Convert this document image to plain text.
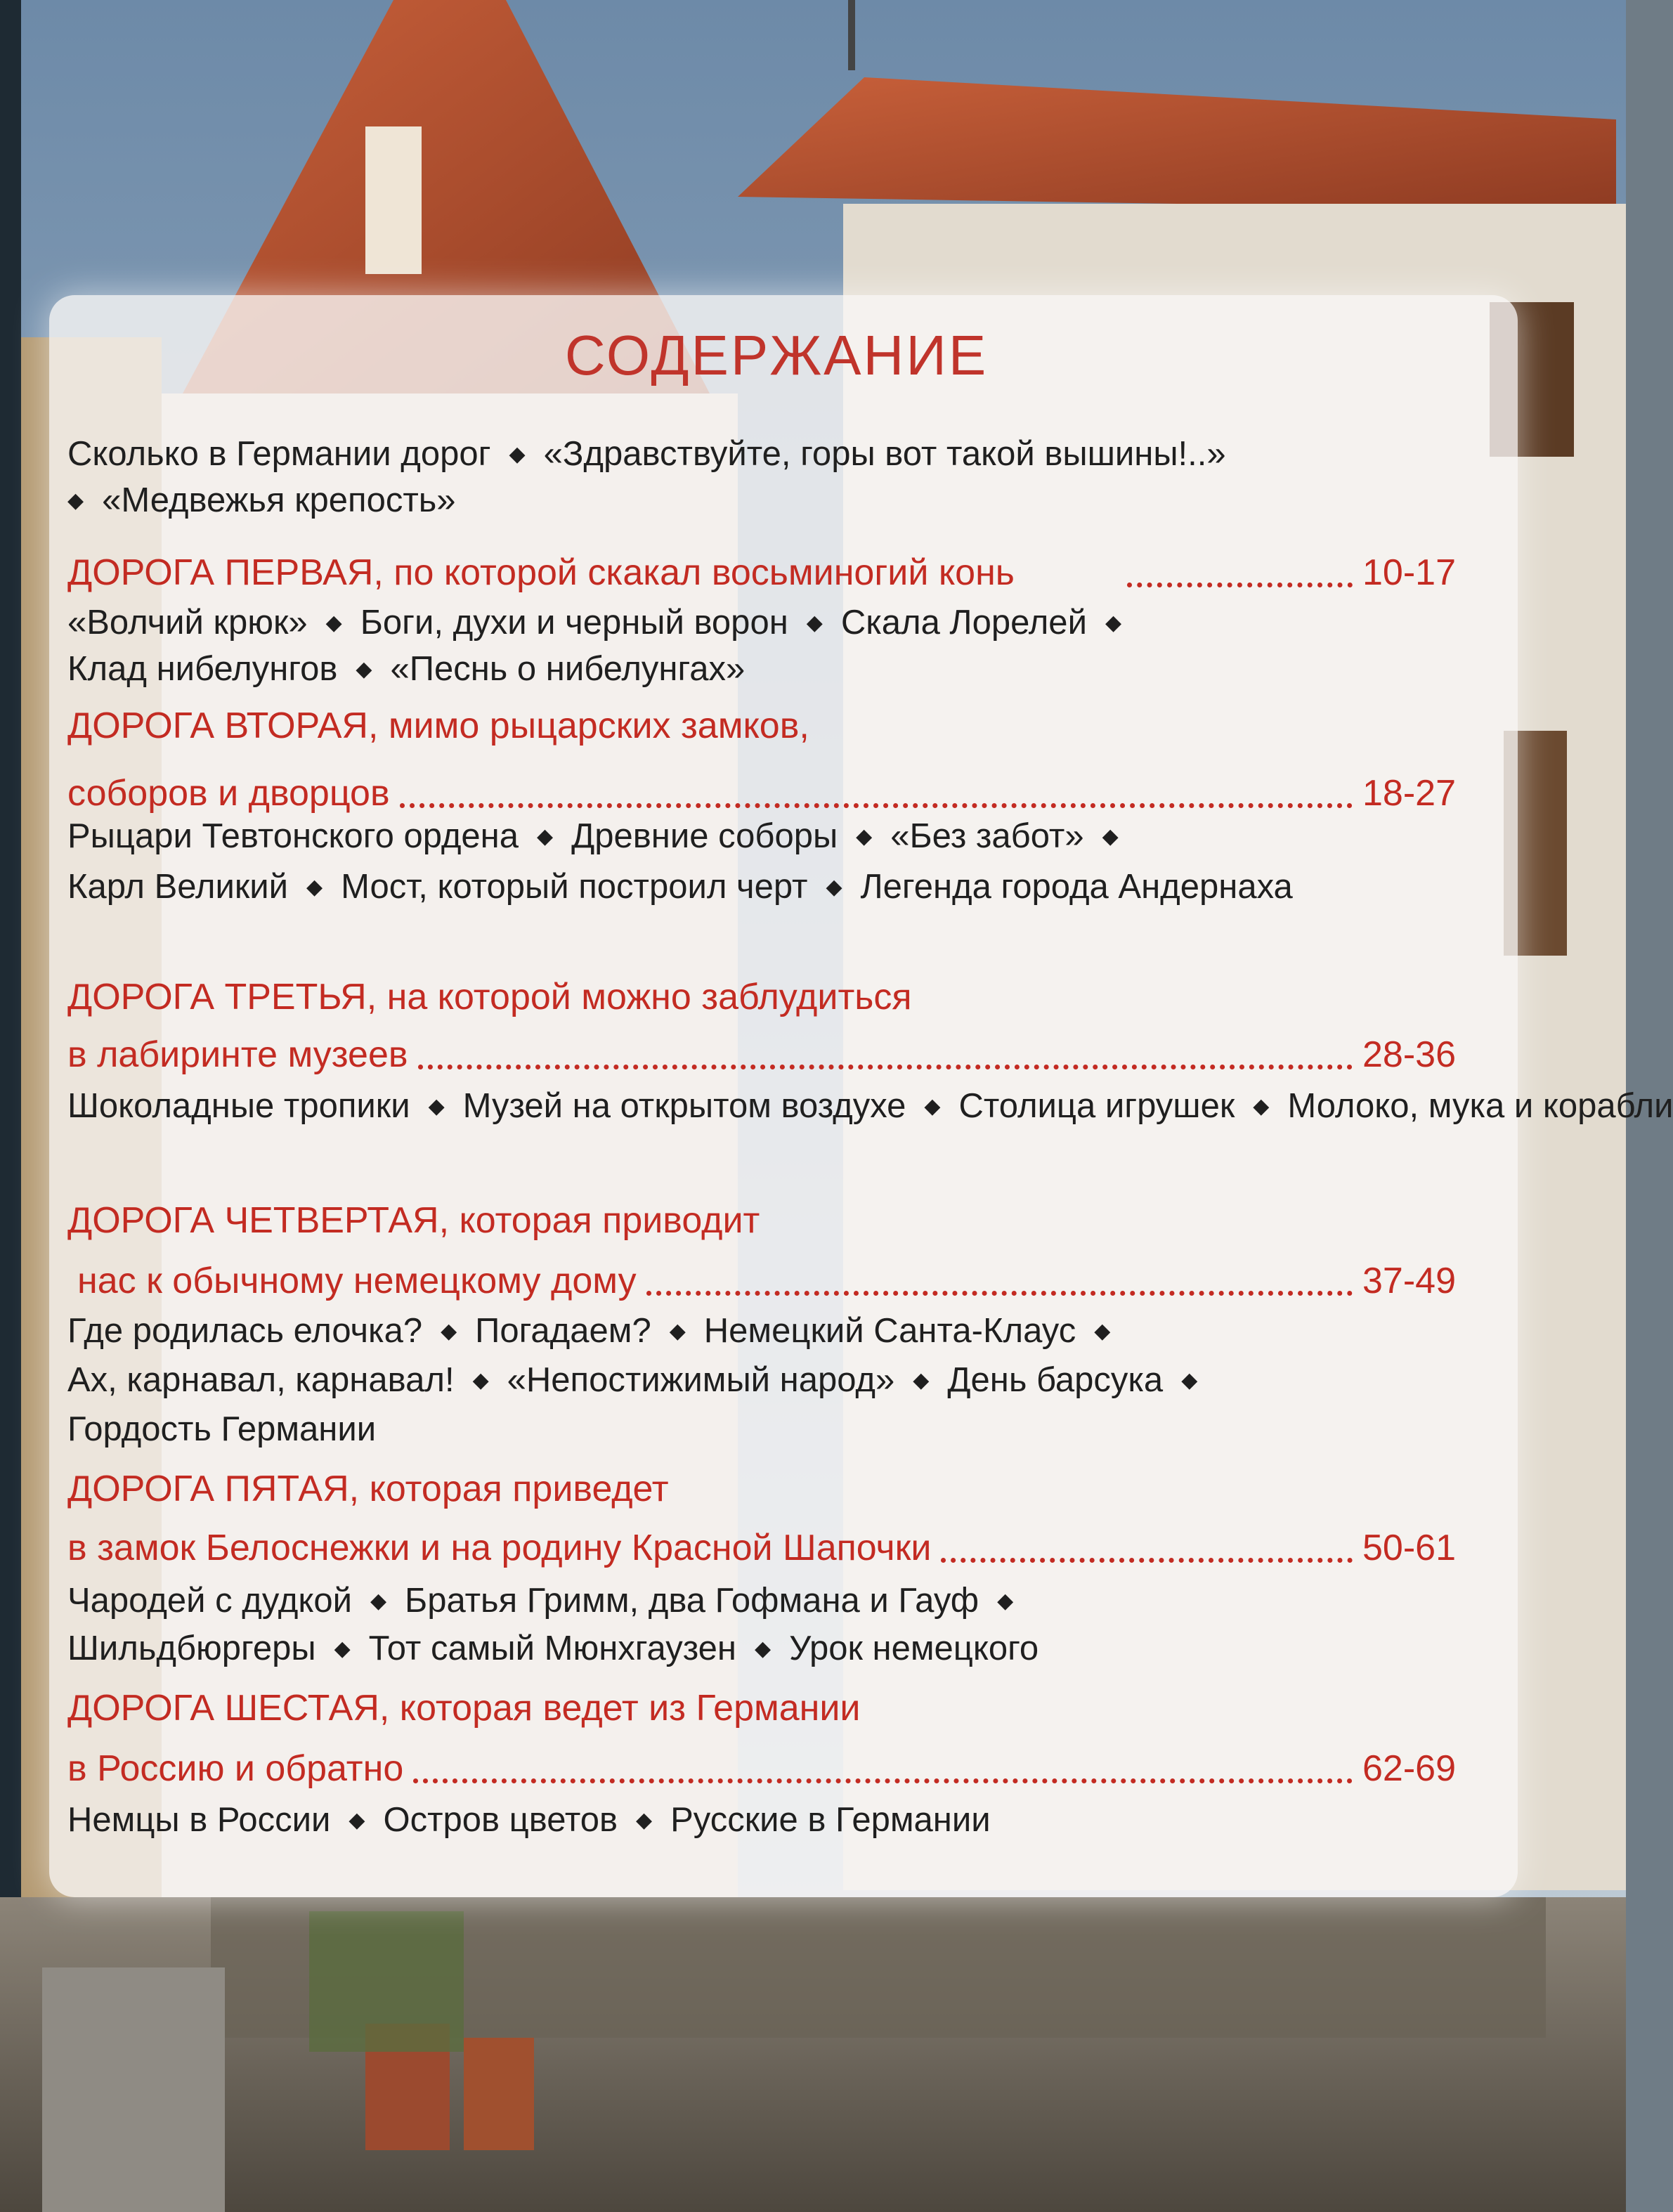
СОДЕРЖАНИЕ
Сколько в Германии дорог ◆ «Здравствуйте, горы вот такой вышины!..»
ДОРОГА ПЕРВАЯ, по которой скакал восьминогий конь	10-17
«Волчий крюк» ◆ Боги, духи и черный ворон ◆ Скала Лорелей ◆
Клад нибелунгов ◆ «Песнь о нибелунгах»
ДОРОГА ВТОРАЯ, мимо рыцарских замков,
соборов и дворцов	18-27
Рыцари Тевтонского ордена ◆ Древние соборы ◆ «Без забот» ◆
Карл Великий ◆ Мост, который построил черт ◆ Легенда города Андернаха
ДОРОГА ТРЕТЬЯ, на которой можно заблудиться
в лабиринте музеев	28-36
Шоколадные тропики ◆ Музей на открытом воздухе ◆ Столица игрушек ◆ Молоко, мука и корабли
ДОРОГА ЧЕТВЕРТАЯ, которая приводит
нас к обычному немецкому дому	37-49
Где родилась елочка? ◆ Погадаем? ◆ Немецкий Санта-Клаус ◆
Ах, карнавал, карнавал! ◆ «Непостижимый народ» ◆ День барсука ◆
Гордость Германии
ДОРОГА ПЯТАЯ, которая приведет
в замок Белоснежки и на родину Красной Шапочки	50-61
Чародей с дудкой ◆ Братья Гримм, два Гофмана и Гауф ◆
Шильдбюргеры ◆ Тот самый Мюнхгаузен ◆ Урок немецкого
ДОРОГА ШЕСТАЯ, которая ведет из Германии
в Россию и обратно	62-69
Немцы в России ◆ Остров цветов ◆ Русские в Германии
◆ «Медвежья крепость»
